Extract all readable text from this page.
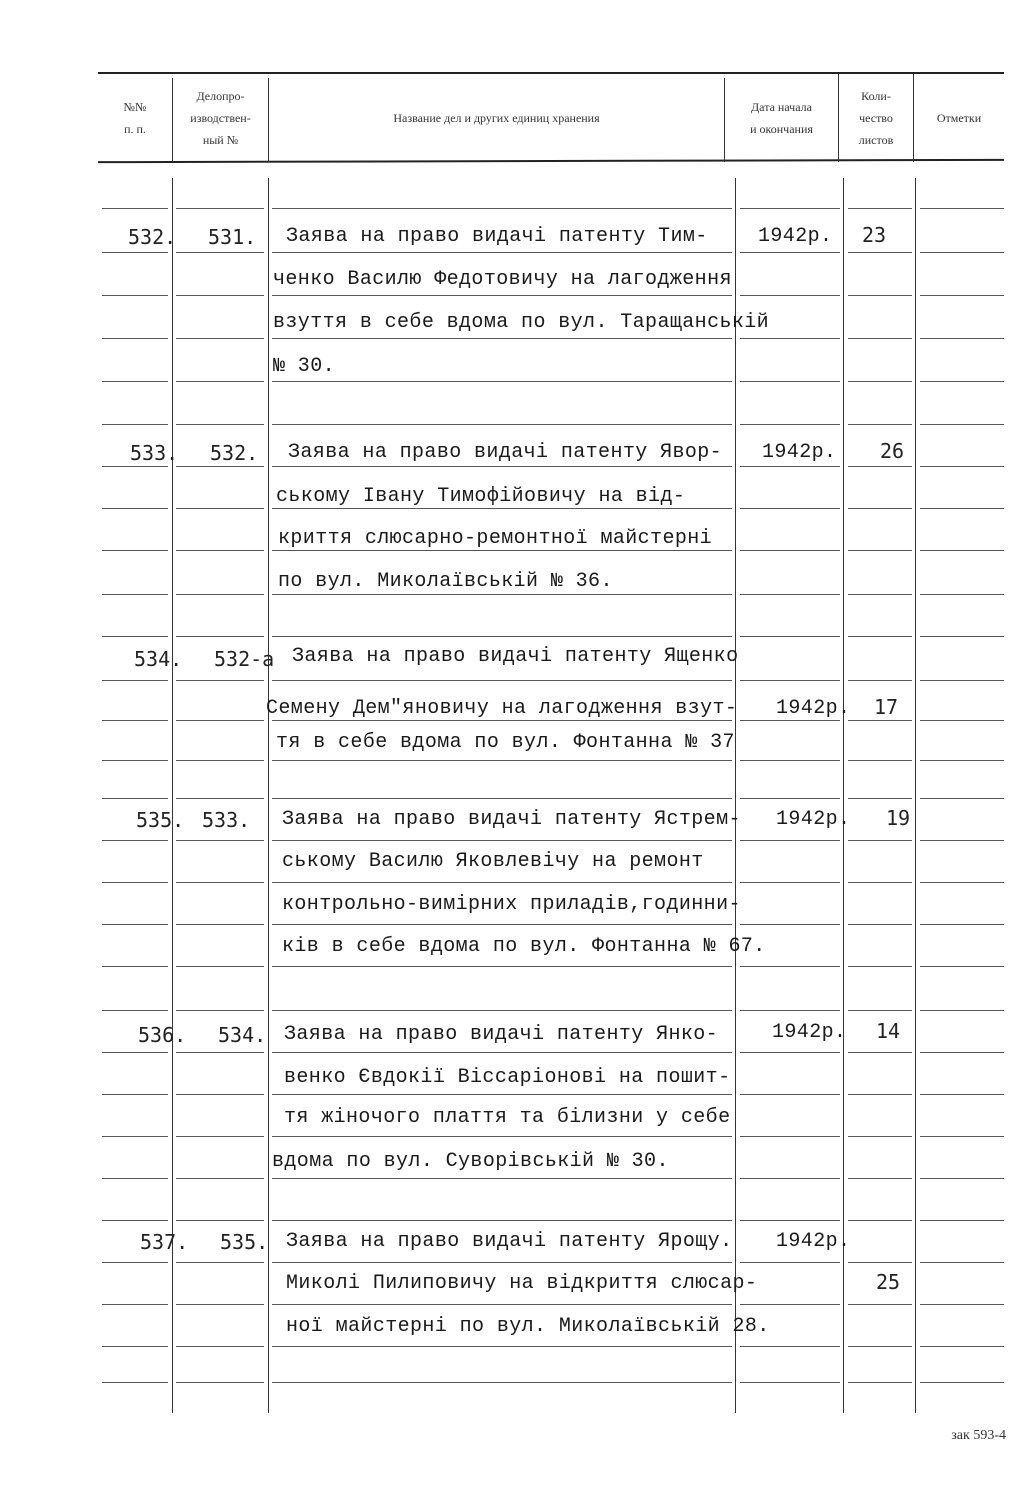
№№
п. п.
Делопро-
изводствен-
ный №
Название дел и других единиц хранения
Дата начала
и окончания
Коли-
чество
листов
Отметки
532. 531. Заява на право видачі патенту Тим-
ченко Василю Федотовичу на лагодження
взуття в себе вдома по вул. Таращанській
№ 30.
1942р. 23
533. 532. Заява на право видачі патенту Явор-
ському Івану Тимофійовичу на від-
криття слюсарно-ремонтної майстерні
по вул. Миколаївській № 36.
1942р. 26
534. 532-а Заява на право видачі патенту Ященко
Семену Дем"яновичу на лагодження взут-
тя в себе вдома по вул. Фонтанна № 37
1942р. 17
535. 533. Заява на право видачі патенту Ястрем-
ському Василю Яковлевічу на ремонт
контрольно-вимірних приладів,годинни-
ків в себе вдома по вул. Фонтанна № 67.
1942р. 19
536. 534. Заява на право видачі патенту Янко-
венко Євдокії Віссаріонові на пошит-
тя жіночого плаття та білизни у себе
вдома по вул. Суворівській № 30.
1942р. 14
537. 535. Заява на право видачі патенту Ярощу.
Миколі Пилиповичу на відкриття слюсар-
ної майстерні по вул. Миколаївській 28.
1942р.
25
зак 593-4
